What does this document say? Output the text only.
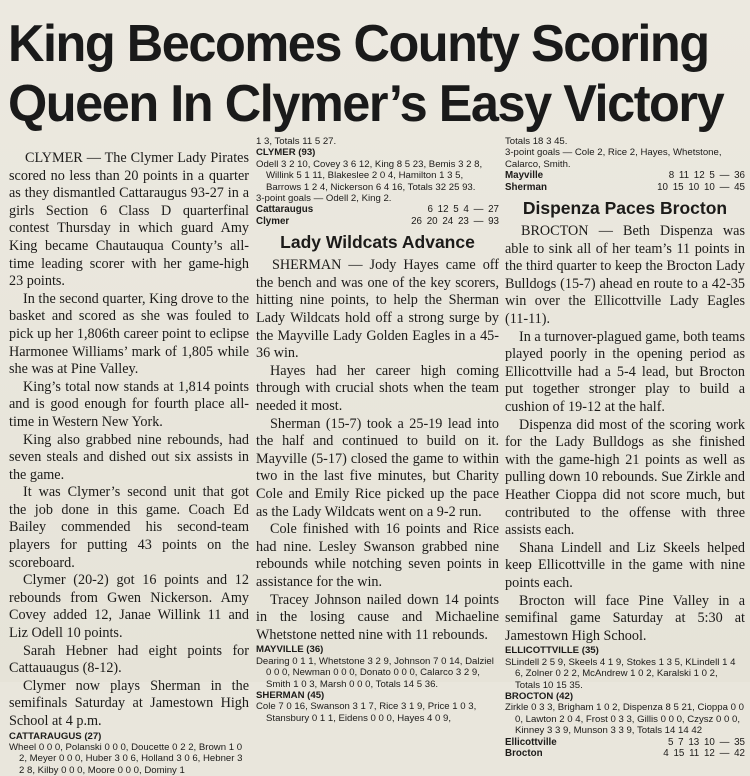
King Becomes County Scoring
Queen In Clymer’s Easy Victory

CLYMER — The Clymer Lady Pirates scored no less than 20 points in a quarter as they dismantled Cattaraugus 93-27 in a girls Section 6 Class D quarterfinal contest Thursday in which guard Amy King became Chautauqua County’s all-time leading scorer with her game-high 23 points.

In the second quarter, King drove to the basket and scored as she was fouled to pick up her 1,806th career point to eclipse Harmonee Williams’ mark of 1,805 while she was at Pine Valley.

King’s total now stands at 1,814 points and is good enough for fourth place all-time in Western New York.

King also grabbed nine rebounds, had seven steals and dished out six assists in the game.

It was Clymer’s second unit that got the job done in this game. Coach Ed Bailey commended his second-team players for putting 43 points on the scoreboard.

Clymer (20-2) got 16 points and 12 rebounds from Gwen Nickerson. Amy Covey added 12, Janae Willink 11 and Liz Odell 10 points.

Sarah Hebner had eight points for Cattauaugus (8-12).

Clymer now plays Sherman in the semifinals Saturday at Jamestown High School at 4 p.m.

CATTARAUGUS (27)
Wheel 0 0 0, Polanski 0 0 0, Doucette 0 2 2, Brown 1 0 2, Meyer 0 0 0, Huber 3 0 6, Holland 3 0 6, Hebner 3 2 8, Kilby 0 0 0, Moore 0 0 0, Dominy 1
1 3, Totals 11 5 27.
CLYMER (93)
Odell 3 2 10, Covey 3 6 12, King 8 5 23, Bemis 3 2 8, Willink 5 1 11, Blakeslee 2 0 4, Hamilton 1 3 5, Barrows 1 2 4, Nickerson 6 4 16, Totals 32 25 93.
3-point goals — Odell 2, King 2.
Cattaraugus	6 12 5 4 — 27
Clymer	26 20 24 23 — 93
Lady Wildcats Advance

SHERMAN — Jody Hayes came off the bench and was one of the key scorers, hitting nine points, to help the Sherman Lady Wildcats hold off a strong surge by the Mayville Lady Golden Eagles in a 45-36 win.

Hayes had her career high coming through with crucial shots when the team needed it most.

Sherman (15-7) took a 25-19 lead into the half and continued to build on it. Mayville (5-17) closed the game to within two in the last five minutes, but Charity Cole and Emily Rice picked up the pace as the Lady Wildcats went on a 9-2 run.

Cole finished with 16 points and Rice had nine. Lesley Swanson grabbed nine rebounds while notching seven points in assistance for the win.

Tracey Johnson nailed down 14 points in the losing cause and Michaeline Whetstone netted nine with 11 rebounds.

MAYVILLE (36)
Dearing 0 1 1, Whetstone 3 2 9, Johnson 7 0 14, Dalziel 0 0 0, Newman 0 0 0, Donato 0 0 0, Calarco 3 2 9, Smith 1 0 3, Marsh 0 0 0, Totals 14 5 36.
SHERMAN (45)
Cole 7 0 16, Swanson 3 1 7, Rice 3 1 9, Price 1 0 3, Stansbury 0 1 1, Eidens 0 0 0, Hayes 4 0 9,
Totals 18 3 45.
3-point goals — Cole 2, Rice 2, Hayes, Whetstone, Calarco, Smith.
Mayville	8 11 12 5 — 36
Sherman	10 15 10 10 — 45
Dispenza Paces Brocton

BROCTON — Beth Dispenza was able to sink all of her team’s 11 points in the third quarter to keep the Brocton Lady Bulldogs (15-7) ahead en route to a 42-35 win over the Ellicottville Lady Eagles (11-11).

In a turnover-plagued game, both teams played poorly in the opening period as Ellicottville had a 5-4 lead, but Brocton put together stronger play to build a cushion of 19-12 at the half.

Dispenza did most of the scoring work for the Lady Bulldogs as she finished with the game-high 21 points as well as pulling down 10 rebounds. Sue Zirkle and Heather Cioppa did not score much, but contributed to the offense with three assists each.

Shana Lindell and Liz Skeels helped keep Ellicottville in the game with nine points each.

Brocton will face Pine Valley in a semifinal game Saturday at 5:30 at Jamestown High School.

ELLICOTTVILLE (35)
SLindell 2 5 9, Skeels 4 1 9, Stokes 1 3 5, KLindell 1 4 6, Zolner 0 2 2, McAndrew 1 0 2, Karalski 1 0 2, Totals 10 15 35.
BROCTON (42)
Zirkle 0 3 3, Brigham 1 0 2, Dispenza 8 5 21, Cioppa 0 0 0, Lawton 2 0 4, Frost 0 3 3, Gillis 0 0 0, Czysz 0 0 0, Kinney 3 3 9, Munson 3 3 9, Totals 14 14 42
Ellicottville	5 7 13 10 — 35
Brocton	4 15 11 12 — 42
